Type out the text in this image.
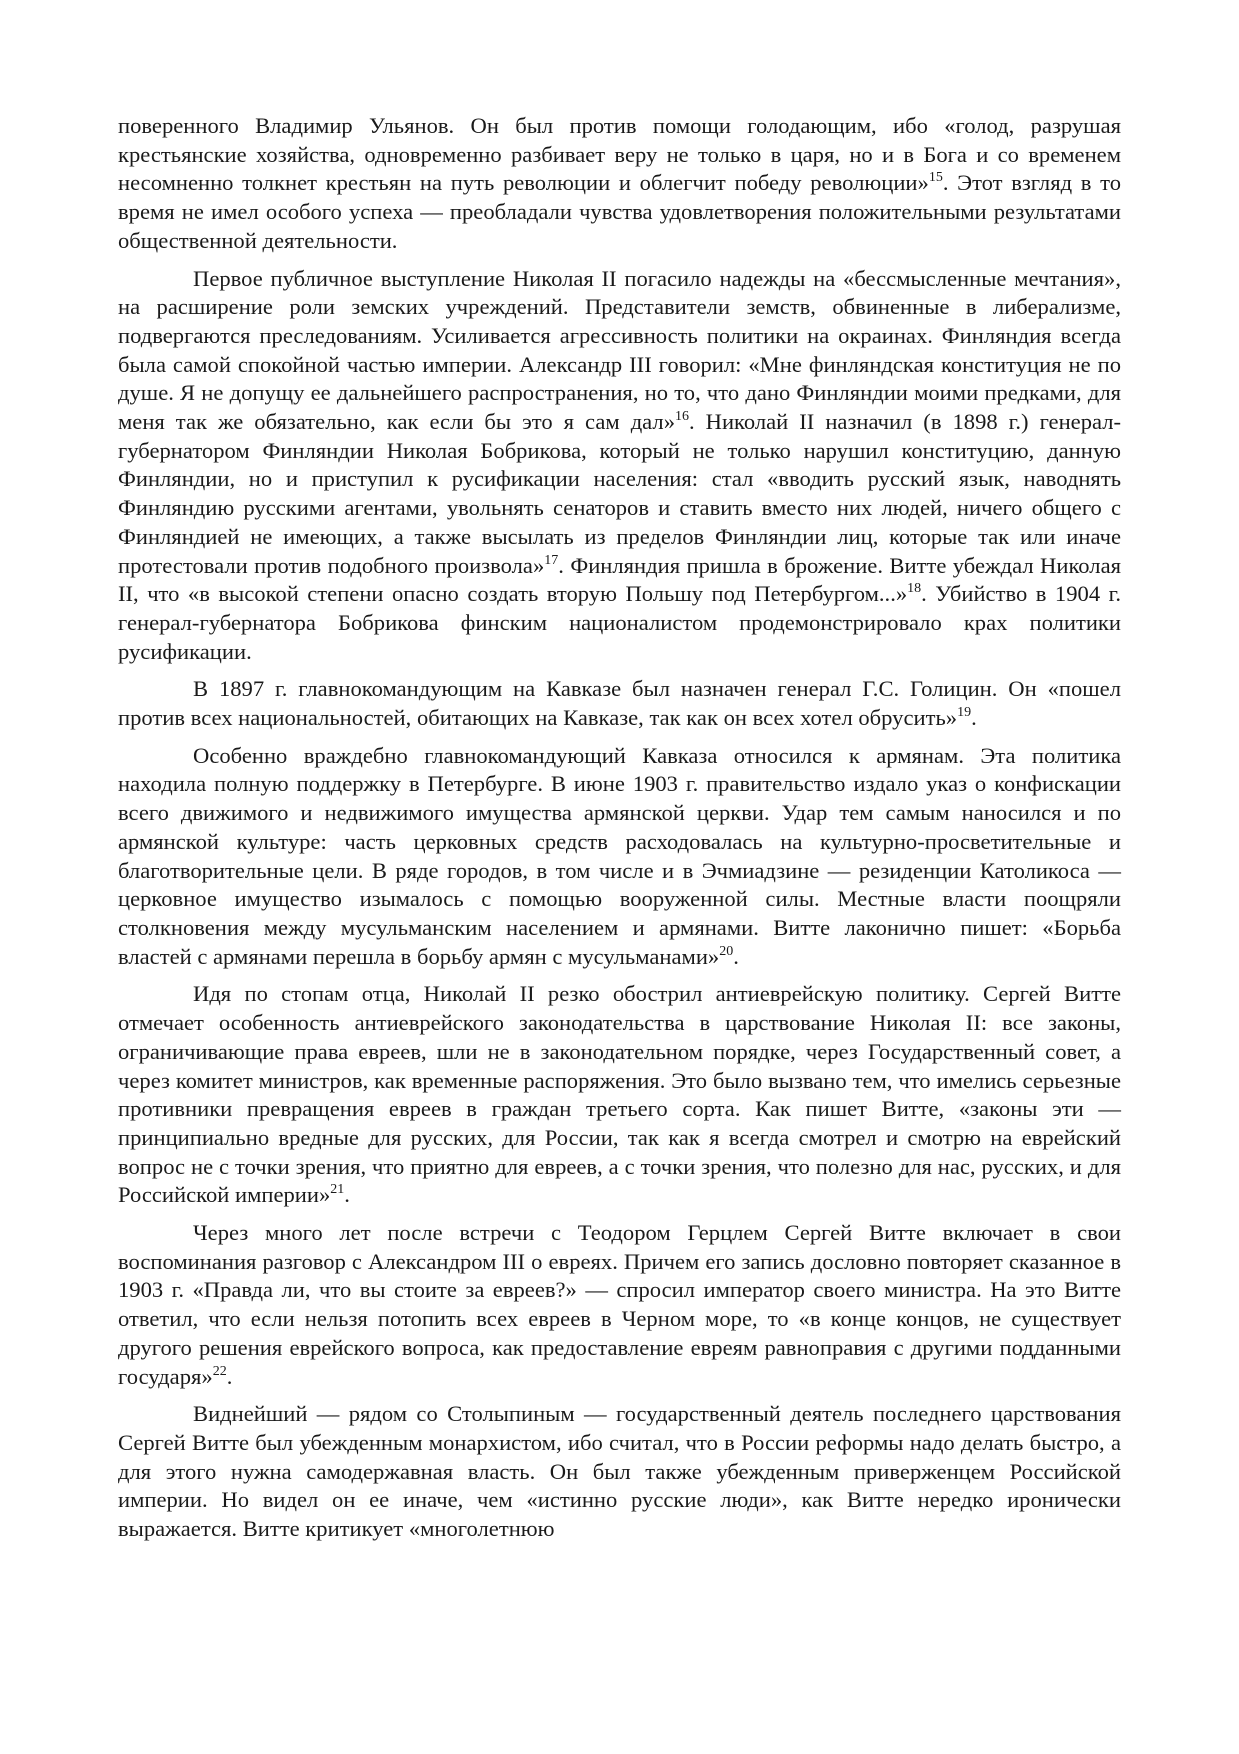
поверенного Владимир Ульянов. Он был против помощи голодающим, ибо «голод, разрушая крестьянские хозяйства, одновременно разбивает веру не только в царя, но и в Бога и со временем несомненно толкнет крестьян на путь революции и облегчит победу революции»$^{15}$. Этот взгляд в то время не имел особого успеха — преобладали чувства удовлетворения положительными результатами общественной деятельности.

Первое публичное выступление Николая II погасило надежды на «бессмысленные мечтания», на расширение роли земских учреждений. Представители земств, обвиненные в либерализме, подвергаются преследованиям. Усиливается агрессивность политики на окраинах. Финляндия всегда была самой спокойной частью империи. Александр III говорил: «Мне финляндская конституция не по душе. Я не допущу ее дальнейшего распространения, но то, что дано Финляндии моими предками, для меня так же обязательно, как если бы это я сам дал»$^{16}$. Николай II назначил (в 1898 г.) генерал-губернатором Финляндии Николая Бобрикова, который не только нарушил конституцию, данную Финляндии, но и приступил к русификации населения: стал «вводить русский язык, наводнять Финляндию русскими агентами, увольнять сенаторов и ставить вместо них людей, ничего общего с Финляндией не имеющих, а также высылать из пределов Финляндии лиц, которые так или иначе протестовали против подобного произвола»$^{17}$. Финляндия пришла в брожение. Витте убеждал Николая II, что «в высокой степени опасно создать вторую Польшу под Петербургом...»$^{18}$. Убийство в 1904 г. генерал-губернатора Бобрикова финским националистом продемонстрировало крах политики русификации.

В 1897 г. главнокомандующим на Кавказе был назначен генерал Г.С. Голицин. Он «пошел против всех национальностей, обитающих на Кавказе, так как он всех хотел обрусить»$^{19}$.

Особенно враждебно главнокомандующий Кавказа относился к армянам. Эта политика находила полную поддержку в Петербурге. В июне 1903 г. правительство издало указ о конфискации всего движимого и недвижимого имущества армянской церкви. Удар тем самым наносился и по армянской культуре: часть церковных средств расходовалась на культурно-просветительные и благотворительные цели. В ряде городов, в том числе и в Эчмиадзине — резиденции Католикоса — церковное имущество изымалось с помощью вооруженной силы. Местные власти поощряли столкновения между мусульманским населением и армянами. Витте лаконично пишет: «Борьба властей с армянами перешла в борьбу армян с мусульманами»$^{20}$.

Идя по стопам отца, Николай II резко обострил антиеврейскую политику. Сергей Витте отмечает особенность антиеврейского законодательства в царствование Николая II: все законы, ограничивающие права евреев, шли не в законодательном порядке, через Государственный совет, а через комитет министров, как временные распоряжения. Это было вызвано тем, что имелись серьезные противники превращения евреев в граждан третьего сорта. Как пишет Витте, «законы эти — принципиально вредные для русских, для России, так как я всегда смотрел и смотрю на еврейский вопрос не с точки зрения, что приятно для евреев, а с точки зрения, что полезно для нас, русских, и для Российской империи»$^{21}$.

Через много лет после встречи с Теодором Герцлем Сергей Витте включает в свои воспоминания разговор с Александром III о евреях. Причем его запись дословно повторяет сказанное в 1903 г. «Правда ли, что вы стоите за евреев?» — спросил император своего министра. На это Витте ответил, что если нельзя потопить всех евреев в Черном море, то «в конце концов, не существует другого решения еврейского вопроса, как предоставление евреям равноправия с другими подданными государя»$^{22}$.

Виднейший — рядом со Столыпиным — государственный деятель последнего царствования Сергей Витте был убежденным монархистом, ибо считал, что в России реформы надо делать быстро, а для этого нужна самодержавная власть. Он был также убежденным приверженцем Российской империи. Но видел он ее иначе, чем «истинно русские люди», как Витте нередко иронически выражается. Витте критикует «многолетнюю
